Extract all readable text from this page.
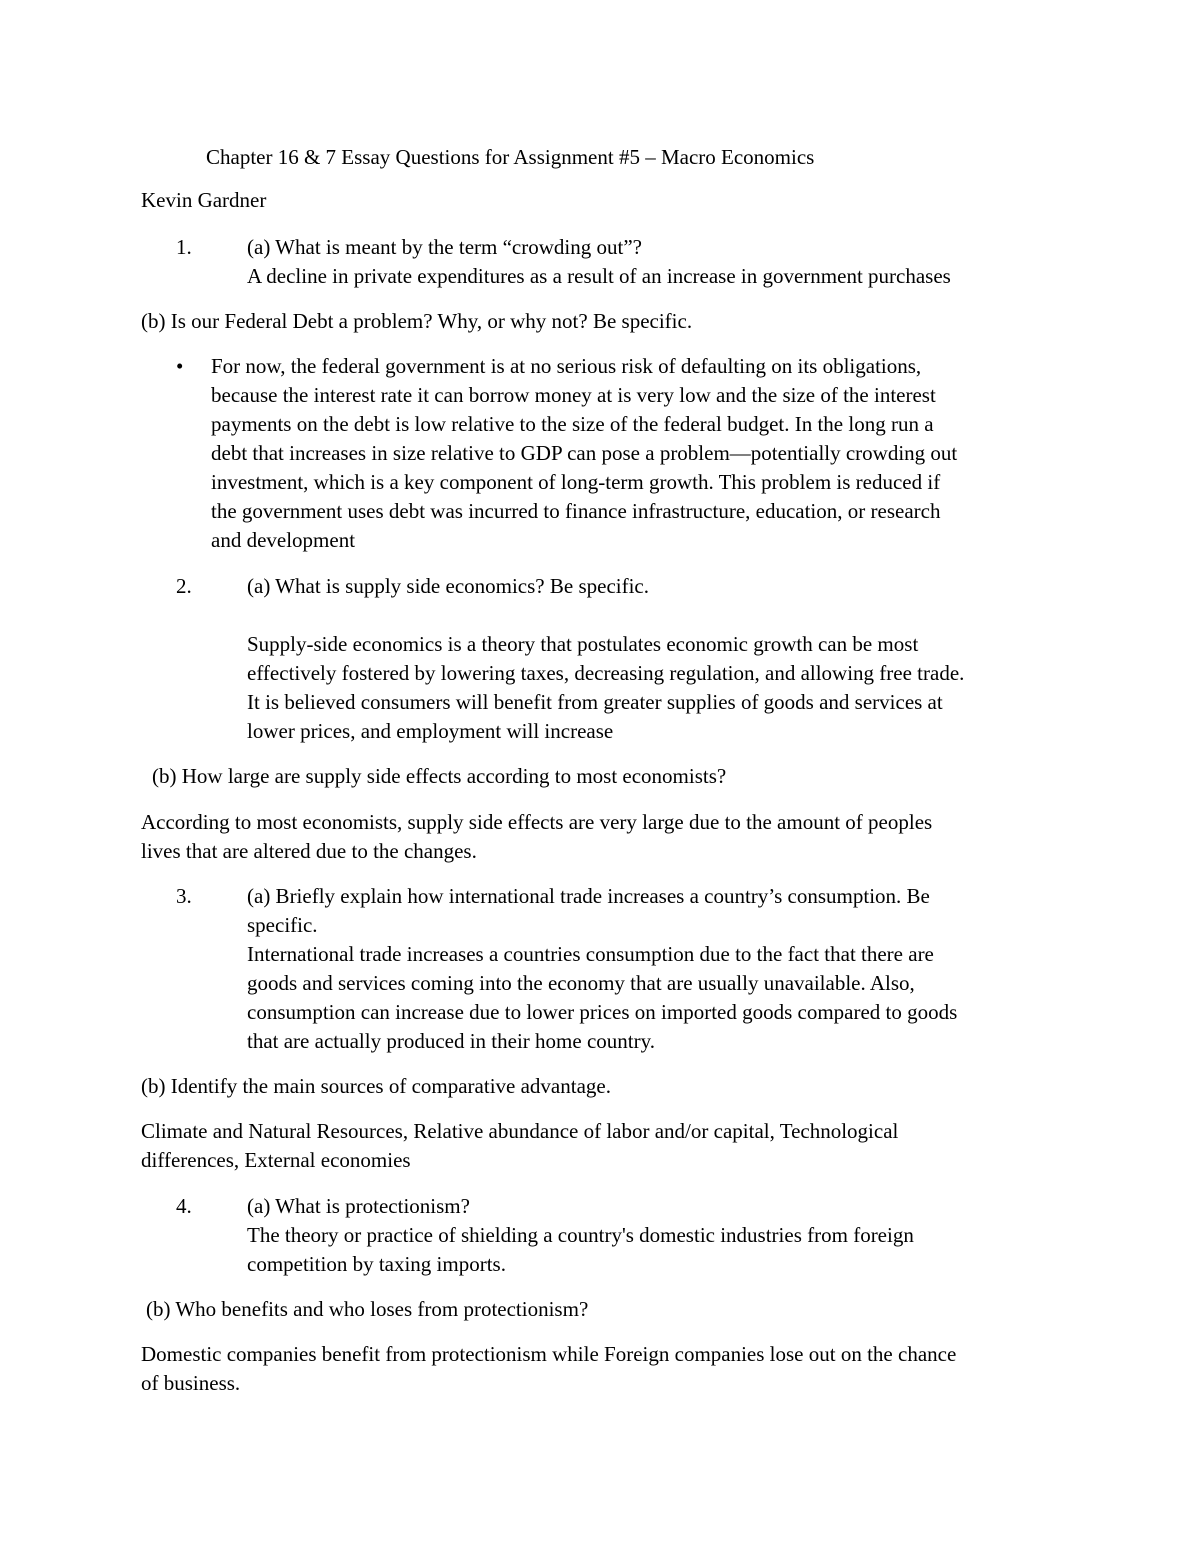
Chapter 16 & 7 Essay Questions for Assignment #5 – Macro Economics
Kevin Gardner
1.	(a) What is meant by the term “crowding out”?
A decline in private expenditures as a result of an increase in government purchases
(b) Is our Federal Debt a problem? Why, or why not? Be specific.
• For now, the federal government is at no serious risk of defaulting on its obligations,
because the interest rate it can borrow money at is very low and the size of the interest
payments on the debt is low relative to the size of the federal budget. In the long run a
debt that increases in size relative to GDP can pose a problem—potentially crowding out
investment, which is a key component of long-term growth. This problem is reduced if
the government uses debt was incurred to finance infrastructure, education, or research
and development
2.	(a) What is supply side economics? Be specific.
Supply-side economics is a theory that postulates economic growth can be most
effectively fostered by lowering taxes, decreasing regulation, and allowing free trade.
It is believed consumers will benefit from greater supplies of goods and services at
lower prices, and employment will increase
(b) How large are supply side effects according to most economists?
According to most economists, supply side effects are very large due to the amount of peoples
lives that are altered due to the changes.
3.	(a) Briefly explain how international trade increases a country’s consumption. Be
specific.
International trade increases a countries consumption due to the fact that there are
goods and services coming into the economy that are usually unavailable. Also,
consumption can increase due to lower prices on imported goods compared to goods
that are actually produced in their home country.
(b) Identify the main sources of comparative advantage.
Climate and Natural Resources, Relative abundance of labor and/or capital, Technological
differences, External economies
4.	(a) What is protectionism?
The theory or practice of shielding a country's domestic industries from foreign
competition by taxing imports.
(b) Who benefits and who loses from protectionism?
Domestic companies benefit from protectionism while Foreign companies lose out on the chance
of business.
